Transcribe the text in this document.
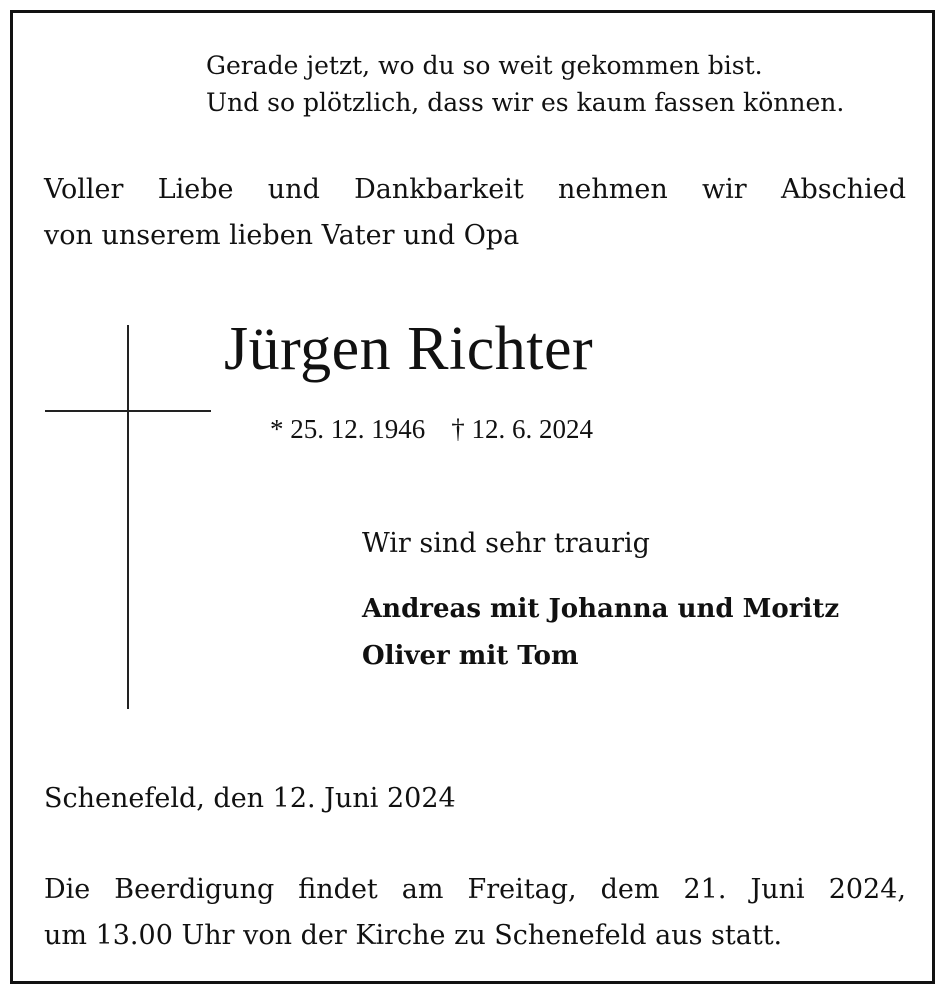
Gerade jetzt, wo du so weit gekommen bist.
Und so plötzlich, dass wir es kaum fassen können.
Voller Liebe und Dankbarkeit nehmen wir Abschied
von unserem lieben Vater und Opa
Jürgen Richter
* 25. 12. 1946 † 12. 6. 2024
Wir sind sehr traurig
Andreas mit Johanna und Moritz
Oliver mit Tom
Schenefeld, den 12. Juni 2024
Die Beerdigung findet am Freitag, dem 21. Juni 2024,
um 13.00 Uhr von der Kirche zu Schenefeld aus statt.
